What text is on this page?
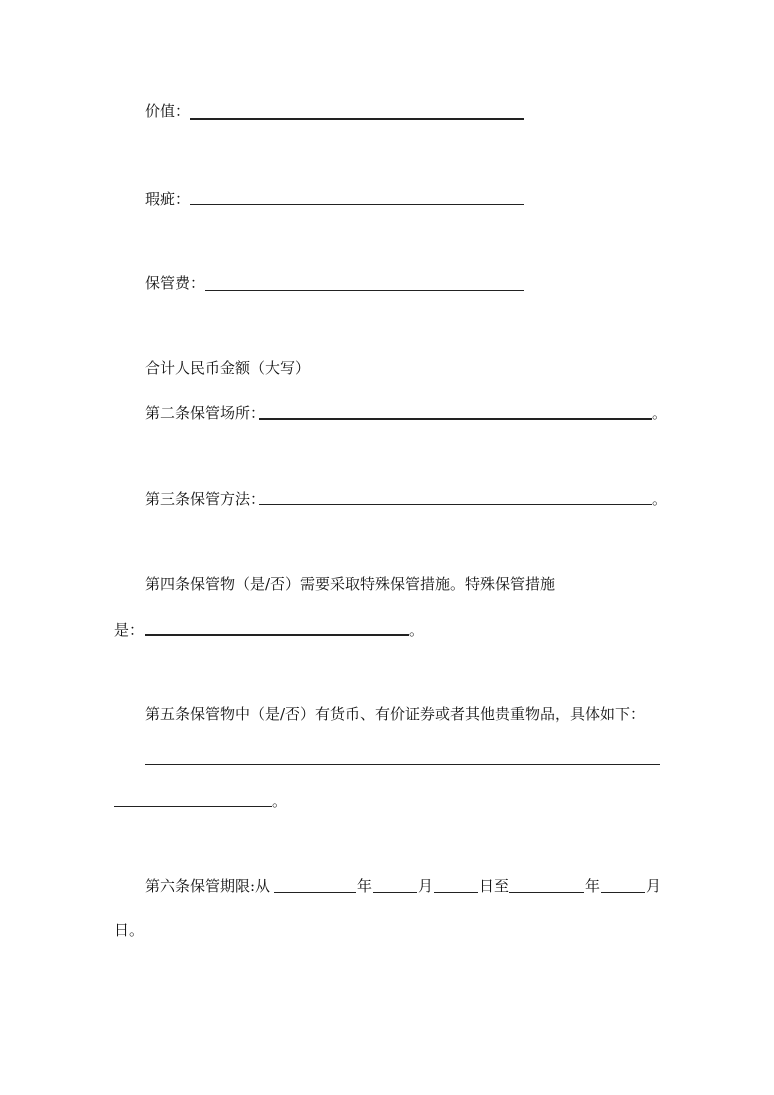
价值：
瑕疵：
保管费：
合计人民币金额（大写）
第二条保管场所：	。
第三条保管方法：	。
第四条保管物（是/否）需要采取特殊保管措施。特殊保管措施
是：	。
第五条保管物中（是/否）有货币、有价证券或者其他贵重物品，具体如下：
。
第六条保管期限:从	年	月	日至	年	月
日。
